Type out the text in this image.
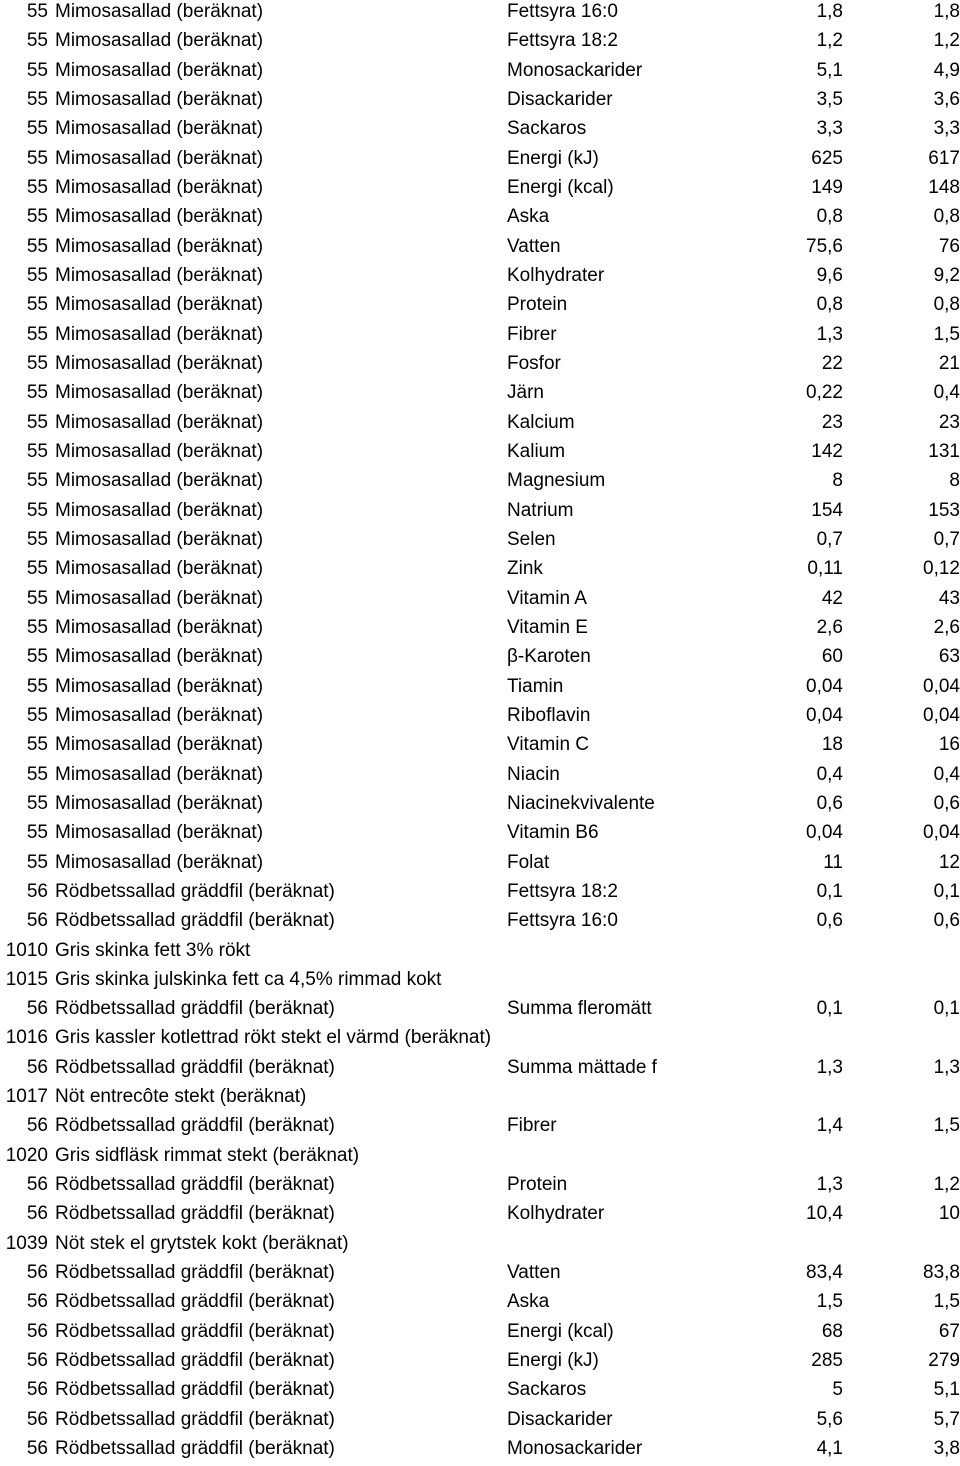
55 Mimosasallad (beräknat)	Fettsyra 16:0	1,8	1,8
55 Mimosasallad (beräknat)	Fettsyra 18:2	1,2	1,2
55 Mimosasallad (beräknat)	Monosackarider	5,1	4,9
55 Mimosasallad (beräknat)	Disackarider	3,5	3,6
55 Mimosasallad (beräknat)	Sackaros	3,3	3,3
55 Mimosasallad (beräknat)	Energi (kJ)	625	617
55 Mimosasallad (beräknat)	Energi (kcal)	149	148
55 Mimosasallad (beräknat)	Aska	0,8	0,8
55 Mimosasallad (beräknat)	Vatten	75,6	76
55 Mimosasallad (beräknat)	Kolhydrater	9,6	9,2
55 Mimosasallad (beräknat)	Protein	0,8	0,8
55 Mimosasallad (beräknat)	Fibrer	1,3	1,5
55 Mimosasallad (beräknat)	Fosfor	22	21
55 Mimosasallad (beräknat)	Järn	0,22	0,4
55 Mimosasallad (beräknat)	Kalcium	23	23
55 Mimosasallad (beräknat)	Kalium	142	131
55 Mimosasallad (beräknat)	Magnesium	8	8
55 Mimosasallad (beräknat)	Natrium	154	153
55 Mimosasallad (beräknat)	Selen	0,7	0,7
55 Mimosasallad (beräknat)	Zink	0,11	0,12
55 Mimosasallad (beräknat)	Vitamin A	42	43
55 Mimosasallad (beräknat)	Vitamin E	2,6	2,6
55 Mimosasallad (beräknat)	β-Karoten	60	63
55 Mimosasallad (beräknat)	Tiamin	0,04	0,04
55 Mimosasallad (beräknat)	Riboflavin	0,04	0,04
55 Mimosasallad (beräknat)	Vitamin C	18	16
55 Mimosasallad (beräknat)	Niacin	0,4	0,4
55 Mimosasallad (beräknat)	Niacinekvivalente	0,6	0,6
55 Mimosasallad (beräknat)	Vitamin B6	0,04	0,04
55 Mimosasallad (beräknat)	Folat	11	12
56 Rödbetssallad gräddfil (beräknat)	Fettsyra 18:2	0,1	0,1
56 Rödbetssallad gräddfil (beräknat)	Fettsyra 16:0	0,6	0,6
1010 Gris skinka fett 3% rökt
1015 Gris skinka julskinka fett ca 4,5% rimmad kokt
56 Rödbetssallad gräddfil (beräknat)	Summa fleromätt	0,1	0,1
1016 Gris kassler kotlettrad rökt stekt el värmd (beräknat)
56 Rödbetssallad gräddfil (beräknat)	Summa mättade f	1,3	1,3
1017 Nöt entrecôte stekt (beräknat)
56 Rödbetssallad gräddfil (beräknat)	Fibrer	1,4	1,5
1020 Gris sidfläsk rimmat stekt (beräknat)
56 Rödbetssallad gräddfil (beräknat)	Protein	1,3	1,2
56 Rödbetssallad gräddfil (beräknat)	Kolhydrater	10,4	10
1039 Nöt stek el grytstek kokt (beräknat)
56 Rödbetssallad gräddfil (beräknat)	Vatten	83,4	83,8
56 Rödbetssallad gräddfil (beräknat)	Aska	1,5	1,5
56 Rödbetssallad gräddfil (beräknat)	Energi (kcal)	68	67
56 Rödbetssallad gräddfil (beräknat)	Energi (kJ)	285	279
56 Rödbetssallad gräddfil (beräknat)	Sackaros	5	5,1
56 Rödbetssallad gräddfil (beräknat)	Disackarider	5,6	5,7
56 Rödbetssallad gräddfil (beräknat)	Monosackarider	4,1	3,8
